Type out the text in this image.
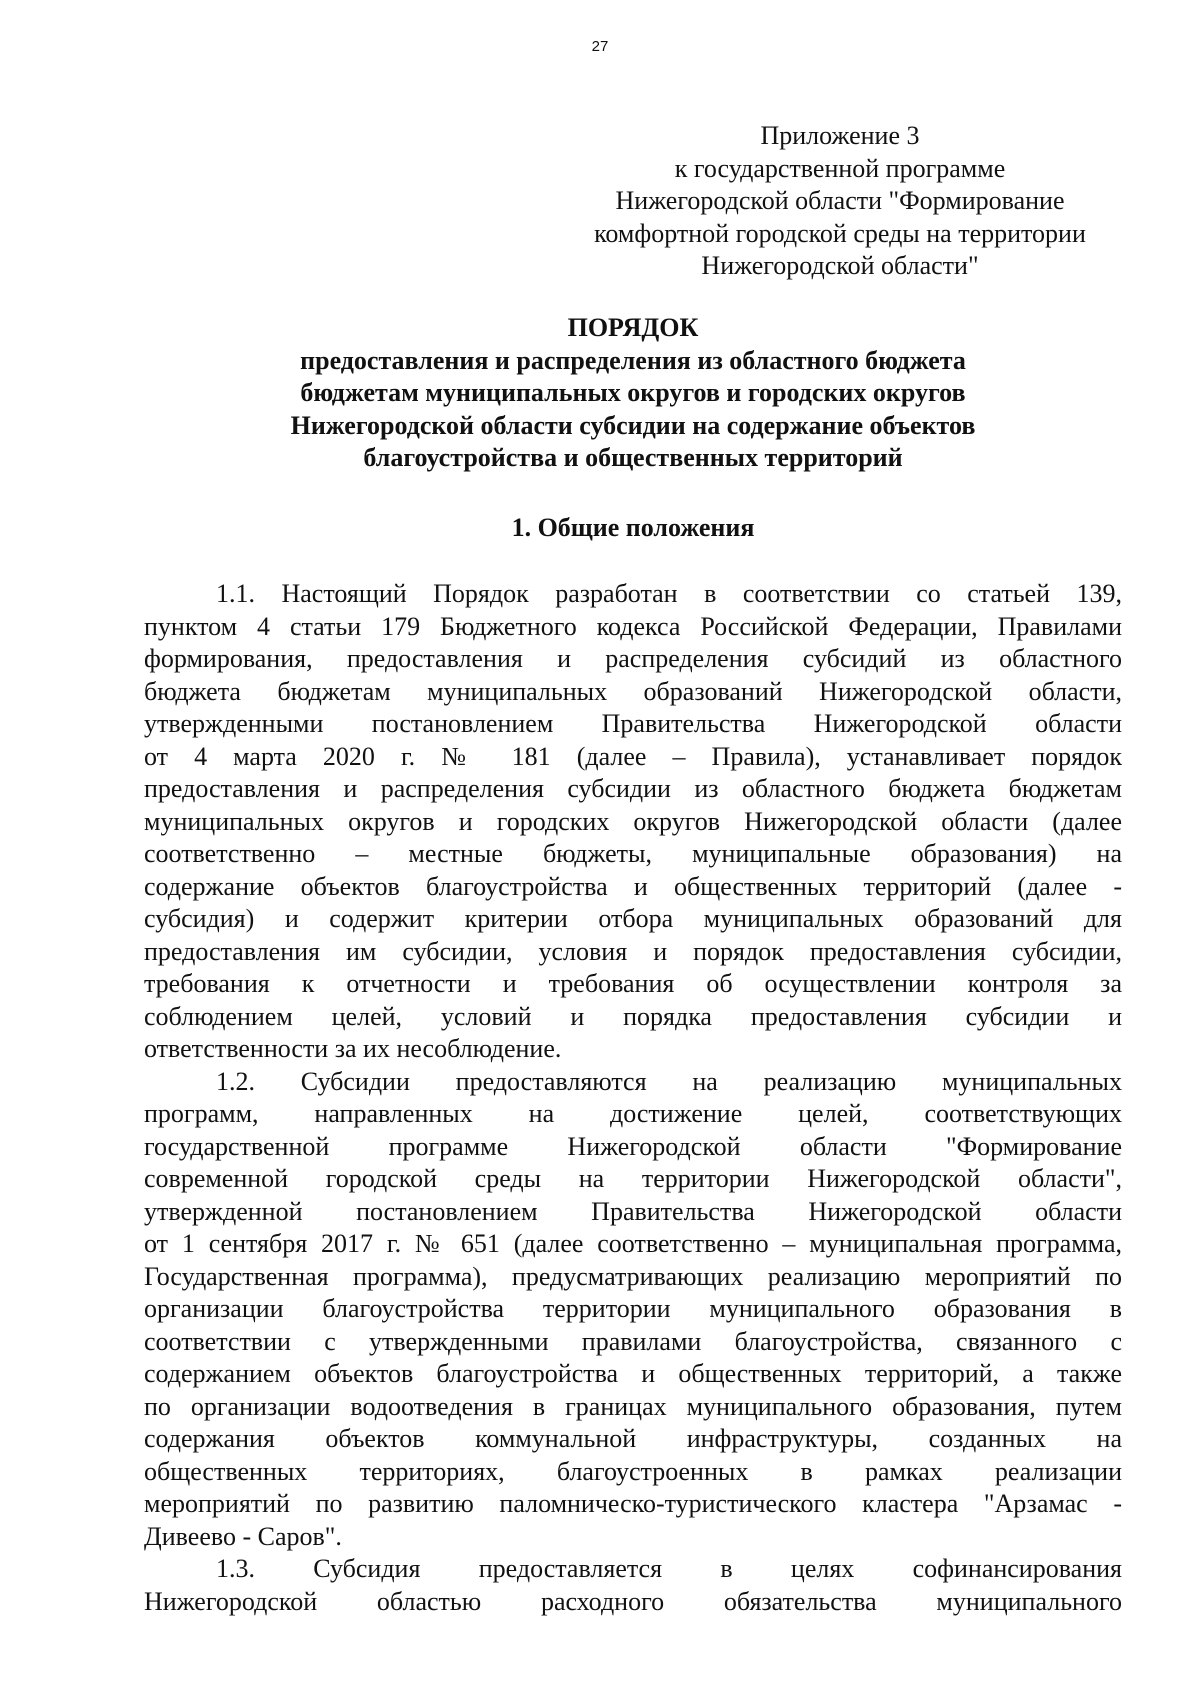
27
Приложение 3
к государственной программе
Нижегородской области "Формирование
комфортной городской среды на территории
Нижегородской области"
ПОРЯДОК
предоставления и распределения из областного бюджета
бюджетам муниципальных округов и городских округов
Нижегородской области субсидии на содержание объектов
благоустройства и общественных территорий
1. Общие положения
1.1. Настоящий Порядок разработан в соответствии со статьей 139,
пунктом 4 статьи 179 Бюджетного кодекса Российской Федерации, Правилами
формирования, предоставления и распределения субсидий из областного
бюджета бюджетам муниципальных образований Нижегородской области,
утвержденными постановлением Правительства Нижегородской области
от 4 марта 2020 г. № 181 (далее – Правила), устанавливает порядок
предоставления и распределения субсидии из областного бюджета бюджетам
муниципальных округов и городских округов Нижегородской области (далее
соответственно – местные бюджеты, муниципальные образования) на
содержание объектов благоустройства и общественных территорий (далее -
субсидия) и содержит критерии отбора муниципальных образований для
предоставления им субсидии, условия и порядок предоставления субсидии,
требования к отчетности и требования об осуществлении контроля за
соблюдением целей, условий и порядка предоставления субсидии и
ответственности за их несоблюдение.
1.2. Субсидии предоставляются на реализацию муниципальных
программ, направленных на достижение целей, соответствующих
государственной программе Нижегородской области "Формирование
современной городской среды на территории Нижегородской области",
утвержденной постановлением Правительства Нижегородской области
от 1 сентября 2017 г. № 651 (далее соответственно – муниципальная программа,
Государственная программа), предусматривающих реализацию мероприятий по
организации благоустройства территории муниципального образования в
соответствии с утвержденными правилами благоустройства, связанного с
содержанием объектов благоустройства и общественных территорий, а также
по организации водоотведения в границах муниципального образования, путем
содержания объектов коммунальной инфраструктуры, созданных на
общественных территориях, благоустроенных в рамках реализации
мероприятий по развитию паломническо-туристического кластера "Арзамас -
Дивеево - Саров".
1.3. Субсидия предоставляется в целях софинансирования
Нижегородской областью расходного обязательства муниципального
